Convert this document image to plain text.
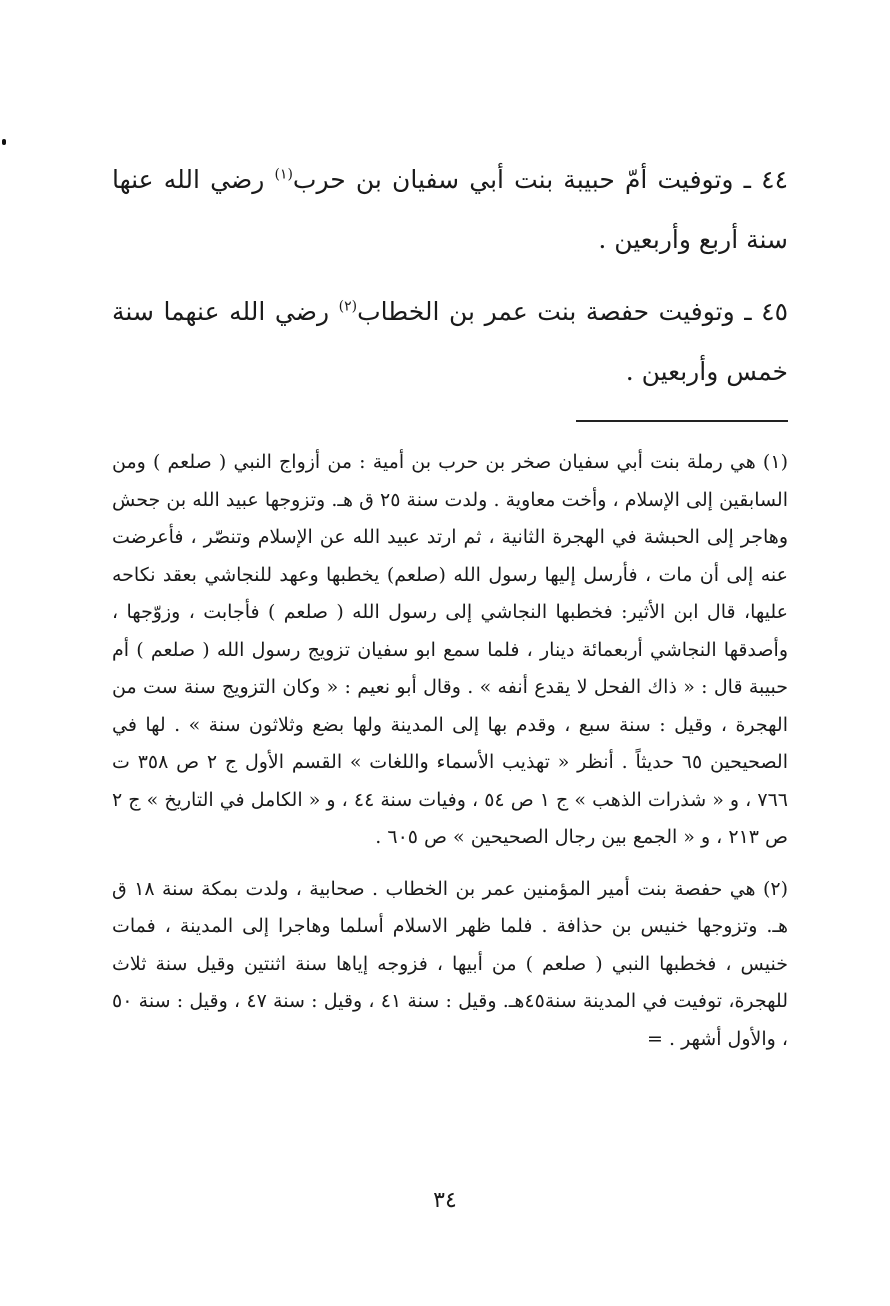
٤٤ ـ وتوفيت أمّ حبيبة بنت أبي سفيان بن حرب$^{(١)}$ رضي الله عنها سنة أربع وأربعين .

٤٥ ـ وتوفيت حفصة بنت عمر بن الخطاب$^{(٢)}$ رضي الله عنهما سنة خمس وأربعين .

(١) هي رملة بنت أبي سفيان صخر بن حرب بن أمية : من أزواج النبي ( صلعم ) ومن السابقين إلى الإسلام ، وأخت معاوية . ولدت سنة ٢٥ ق هـ. وتزوجها عبيد الله بن جحش وهاجر إلى الحبشة في الهجرة الثانية ، ثم ارتد عبيد الله عن الإسلام وتنصّر ، فأعرضت عنه إلى أن مات ، فأرسل إليها رسول الله (صلعم) يخطبها وعهد للنجاشي بعقد نكاحه عليها، قال ابن الأثير: فخطبها النجاشي إلى رسول الله ( صلعم ) فأجابت ، وزوّجها ، وأصدقها النجاشي أربعمائة دينار ، فلما سمع ابو سفيان تزويج رسول الله ( صلعم ) أم حبيبة قال : « ذاك الفحل لا يقدع أنفه » . وقال أبو نعيم : « وكان التزويج سنة ست من الهجرة ، وقيل : سنة سبع ، وقدم بها إلى المدينة ولها بضع وثلاثون سنة » . لها في الصحيحين ٦٥ حديثاً . أنظر « تهذيب الأسماء واللغات » القسم الأول ج ٢ ص ٣٥٨ ت ٧٦٦ ، و « شذرات الذهب » ج ١ ص ٥٤ ، وفيات سنة ٤٤ ، و « الكامل في التاريخ » ج ٢ ص ٢١٣ ، و « الجمع بين رجال الصحيحين » ص ٦٠٥ .

(٢) هي حفصة بنت أمير المؤمنين عمر بن الخطاب . صحابية ، ولدت بمكة سنة ١٨ ق هـ. وتزوجها خنيس بن حذافة . فلما ظهر الاسلام أسلما وهاجرا إلى المدينة ، فمات خنيس ، فخطبها النبي ( صلعم ) من أبيها ، فزوجه إياها سنة اثنتين وقيل سنة ثلاث للهجرة، توفيت في المدينة سنة٤٥هـ. وقيل : سنة ٤١ ، وقيل : سنة ٤٧ ، وقيل : سنة ٥٠ ، والأول أشهر . =

٣٤
